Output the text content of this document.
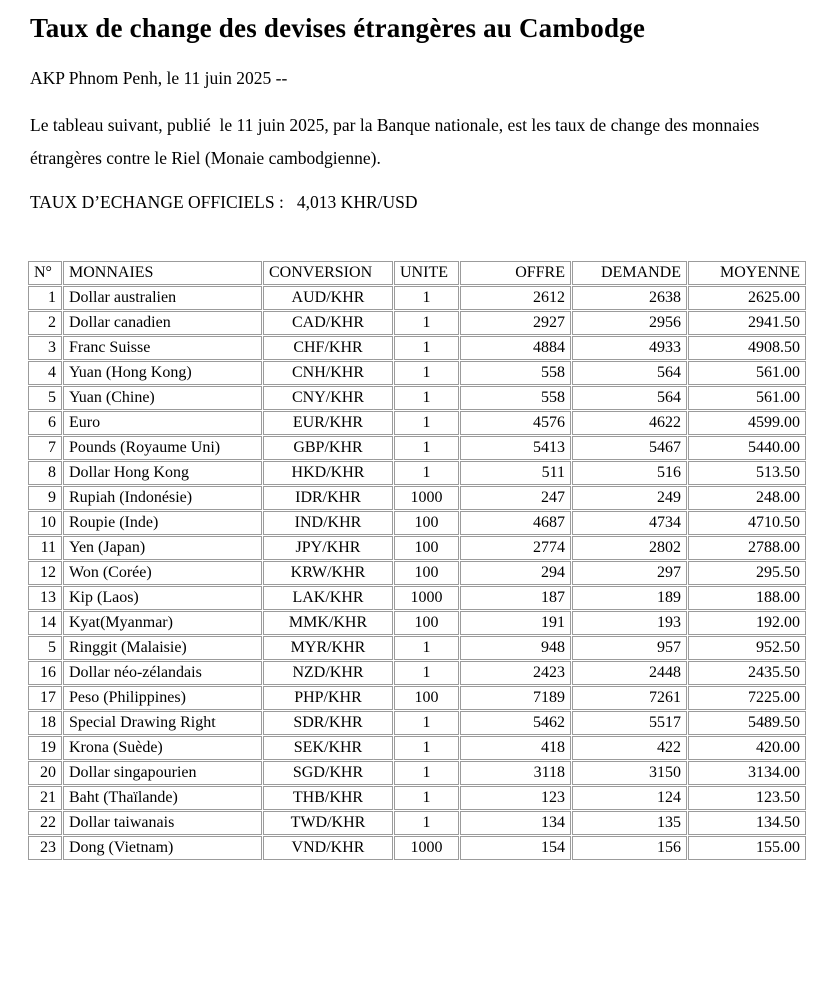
Taux de change des devises étrangères au Cambodge

AKP Phnom Penh, le 11 juin 2025 --

Le tableau suivant, publié  le 11 juin 2025, par la Banque nationale, est les taux de change des monnaies étrangères contre le Riel (Monaie cambodgienne).

TAUX D’ECHANGE OFFICIELS :   4,013 KHR/USD

N°	MONNAIES	CONVERSION	UNITE	OFFRE	DEMANDE	MOYENNE
1	Dollar australien	AUD/KHR	1	2612	2638	2625.00
2	Dollar canadien	CAD/KHR	1	2927	2956	2941.50
3	Franc Suisse	CHF/KHR	1	4884	4933	4908.50
4	Yuan (Hong Kong)	CNH/KHR	1	558	564	561.00
5	Yuan (Chine)	CNY/KHR	1	558	564	561.00
6	Euro	EUR/KHR	1	4576	4622	4599.00
7	Pounds (Royaume Uni)	GBP/KHR	1	5413	5467	5440.00
8	Dollar Hong Kong	HKD/KHR	1	511	516	513.50
9	Rupiah (Indonésie)	IDR/KHR	1000	247	249	248.00
10	Roupie (Inde)	IND/KHR	100	4687	4734	4710.50
11	Yen (Japan)	JPY/KHR	100	2774	2802	2788.00
12	Won (Corée)	KRW/KHR	100	294	297	295.50
13	Kip (Laos)	LAK/KHR	1000	187	189	188.00
14	Kyat(Myanmar)	MMK/KHR	100	191	193	192.00
5	Ringgit (Malaisie)	MYR/KHR	1	948	957	952.50
16	Dollar néo-zélandais	NZD/KHR	1	2423	2448	2435.50
17	Peso (Philippines)	PHP/KHR	100	7189	7261	7225.00
18	Special Drawing Right	SDR/KHR	1	5462	5517	5489.50
19	Krona (Suède)	SEK/KHR	1	418	422	420.00
20	Dollar singapourien	SGD/KHR	1	3118	3150	3134.00
21	Baht (Thaïlande)	THB/KHR	1	123	124	123.50
22	Dollar taiwanais	TWD/KHR	1	134	135	134.50
23	Dong (Vietnam)	VND/KHR	1000	154	156	155.00
